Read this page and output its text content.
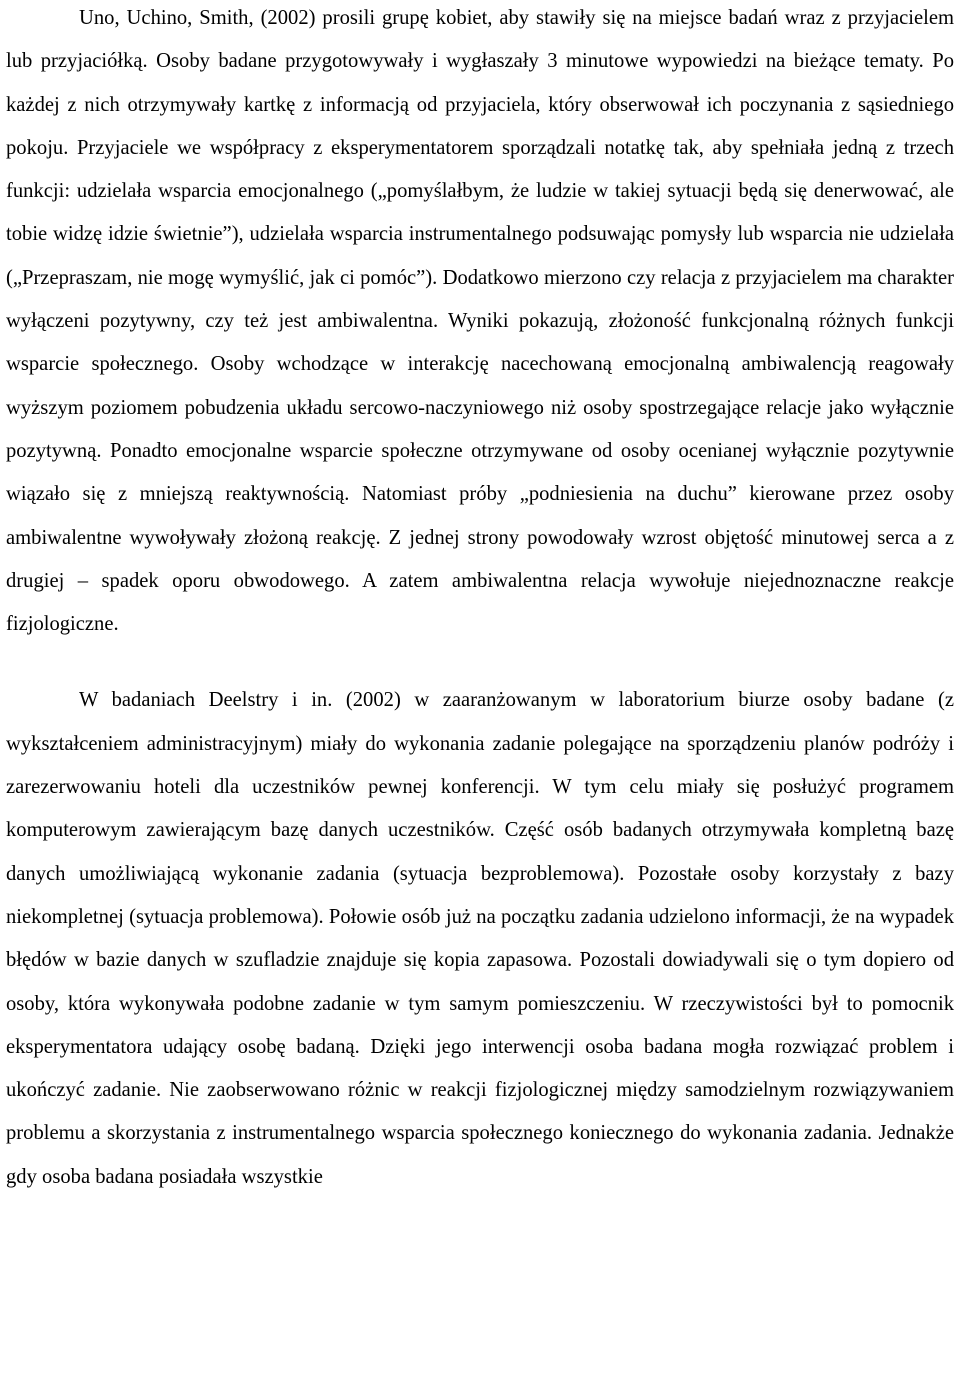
Uno, Uchino, Smith, (2002) prosili grupę kobiet, aby stawiły się na miejsce badań wraz z przyjacielem lub przyjaciółką. Osoby badane przygotowywały i wygłaszały 3 minutowe wypowiedzi na bieżące tematy. Po każdej z nich otrzymywały kartkę z informacją od przyjaciela, który obserwował ich poczynania z sąsiedniego pokoju. Przyjaciele we współpracy z eksperymentatorem sporządzali notatkę tak, aby spełniała jedną z trzech funkcji: udzielała wsparcia emocjonalnego („pomyślałbym, że ludzie w takiej sytuacji będą się denerwować, ale tobie widzę idzie świetnie”), udzielała wsparcia instrumentalnego podsuwając pomysły lub wsparcia nie udzielała („Przepraszam, nie mogę wymyślić, jak ci pomóc”). Dodatkowo mierzono czy relacja z przyjacielem ma charakter wyłączeni pozytywny, czy też jest ambiwalentna. Wyniki pokazują, złożoność funkcjonalną różnych funkcji wsparcie społecznego. Osoby wchodzące w interakcję nacechowaną emocjonalną ambiwalencją reagowały wyższym poziomem pobudzenia układu sercowo-naczyniowego niż osoby spostrzegające relacje jako wyłącznie pozytywną. Ponadto emocjonalne wsparcie społeczne otrzymywane od osoby ocenianej wyłącznie pozytywnie wiązało się z mniejszą reaktywnością. Natomiast próby „podniesienia na duchu” kierowane przez osoby ambiwalentne wywoływały złożoną reakcję. Z jednej strony powodowały wzrost objętość minutowej serca a z drugiej – spadek oporu obwodowego. A zatem ambiwalentna relacja wywołuje niejednoznaczne reakcje fizjologiczne.

W badaniach Deelstry i in. (2002) w zaaranżowanym w laboratorium biurze osoby badane (z wykształceniem administracyjnym) miały do wykonania zadanie polegające na sporządzeniu planów podróży i zarezerwowaniu hoteli dla uczestników pewnej konferencji. W tym celu miały się posłużyć programem komputerowym zawierającym bazę danych uczestników. Część osób badanych otrzymywała kompletną bazę danych umożliwiającą wykonanie zadania (sytuacja bezproblemowa). Pozostałe osoby korzystały z bazy niekompletnej (sytuacja problemowa). Połowie osób już na początku zadania udzielono informacji, że na wypadek błędów w bazie danych w szufladzie znajduje się kopia zapasowa. Pozostali dowiadywali się o tym dopiero od osoby, która wykonywała podobne zadanie w tym samym pomieszczeniu. W rzeczywistości był to pomocnik eksperymentatora udający osobę badaną. Dzięki jego interwencji osoba badana mogła rozwiązać problem i ukończyć zadanie. Nie zaobserwowano różnic w reakcji fizjologicznej między samodzielnym rozwiązywaniem problemu a skorzystania z instrumentalnego wsparcia społecznego koniecznego do wykonania zadania. Jednakże gdy osoba badana posiadała wszystkie
